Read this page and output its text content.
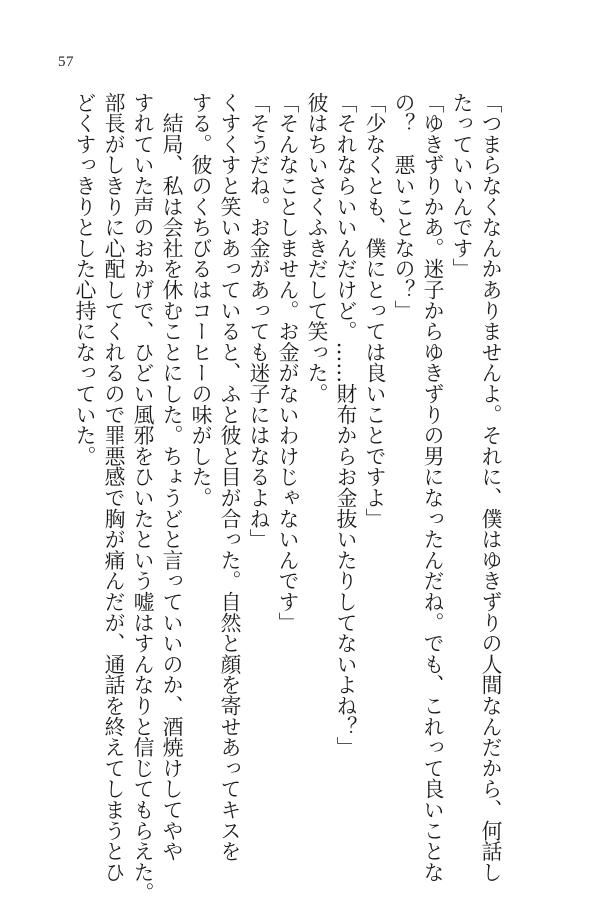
57
「つまらなくなんかありませんよ。それに、僕はゆきずりの人間なんだから、何話し
たっていいんです」
「ゆきずりかあ。迷子からゆきずりの男になったんだね。でも、これって良いことな
の？　悪いことなの？」
「少なくとも、僕にとっては良いことですよ」
「それならいいんだけど。……財布からお金抜いたりしてないよね？」
彼はちいさくふきだして笑った。
「そんなことしません。お金がないわけじゃないんです」
「そうだね。お金があっても迷子にはなるよね」
くすくすと笑いあっていると、ふと彼と目が合った。自然と顔を寄せあってキスを
する。彼のくちびるはコーヒーの味がした。
　結局、私は会社を休むことにした。ちょうどと言っていいのか、酒焼けしてやや
すれていた声のおかげで、ひどい風邪をひいたという嘘はすんなりと信じてもらえた。
部長がしきりに心配してくれるので罪悪感で胸が痛んだが、通話を終えてしまうとひ
どくすっきりとした心持になっていた。
